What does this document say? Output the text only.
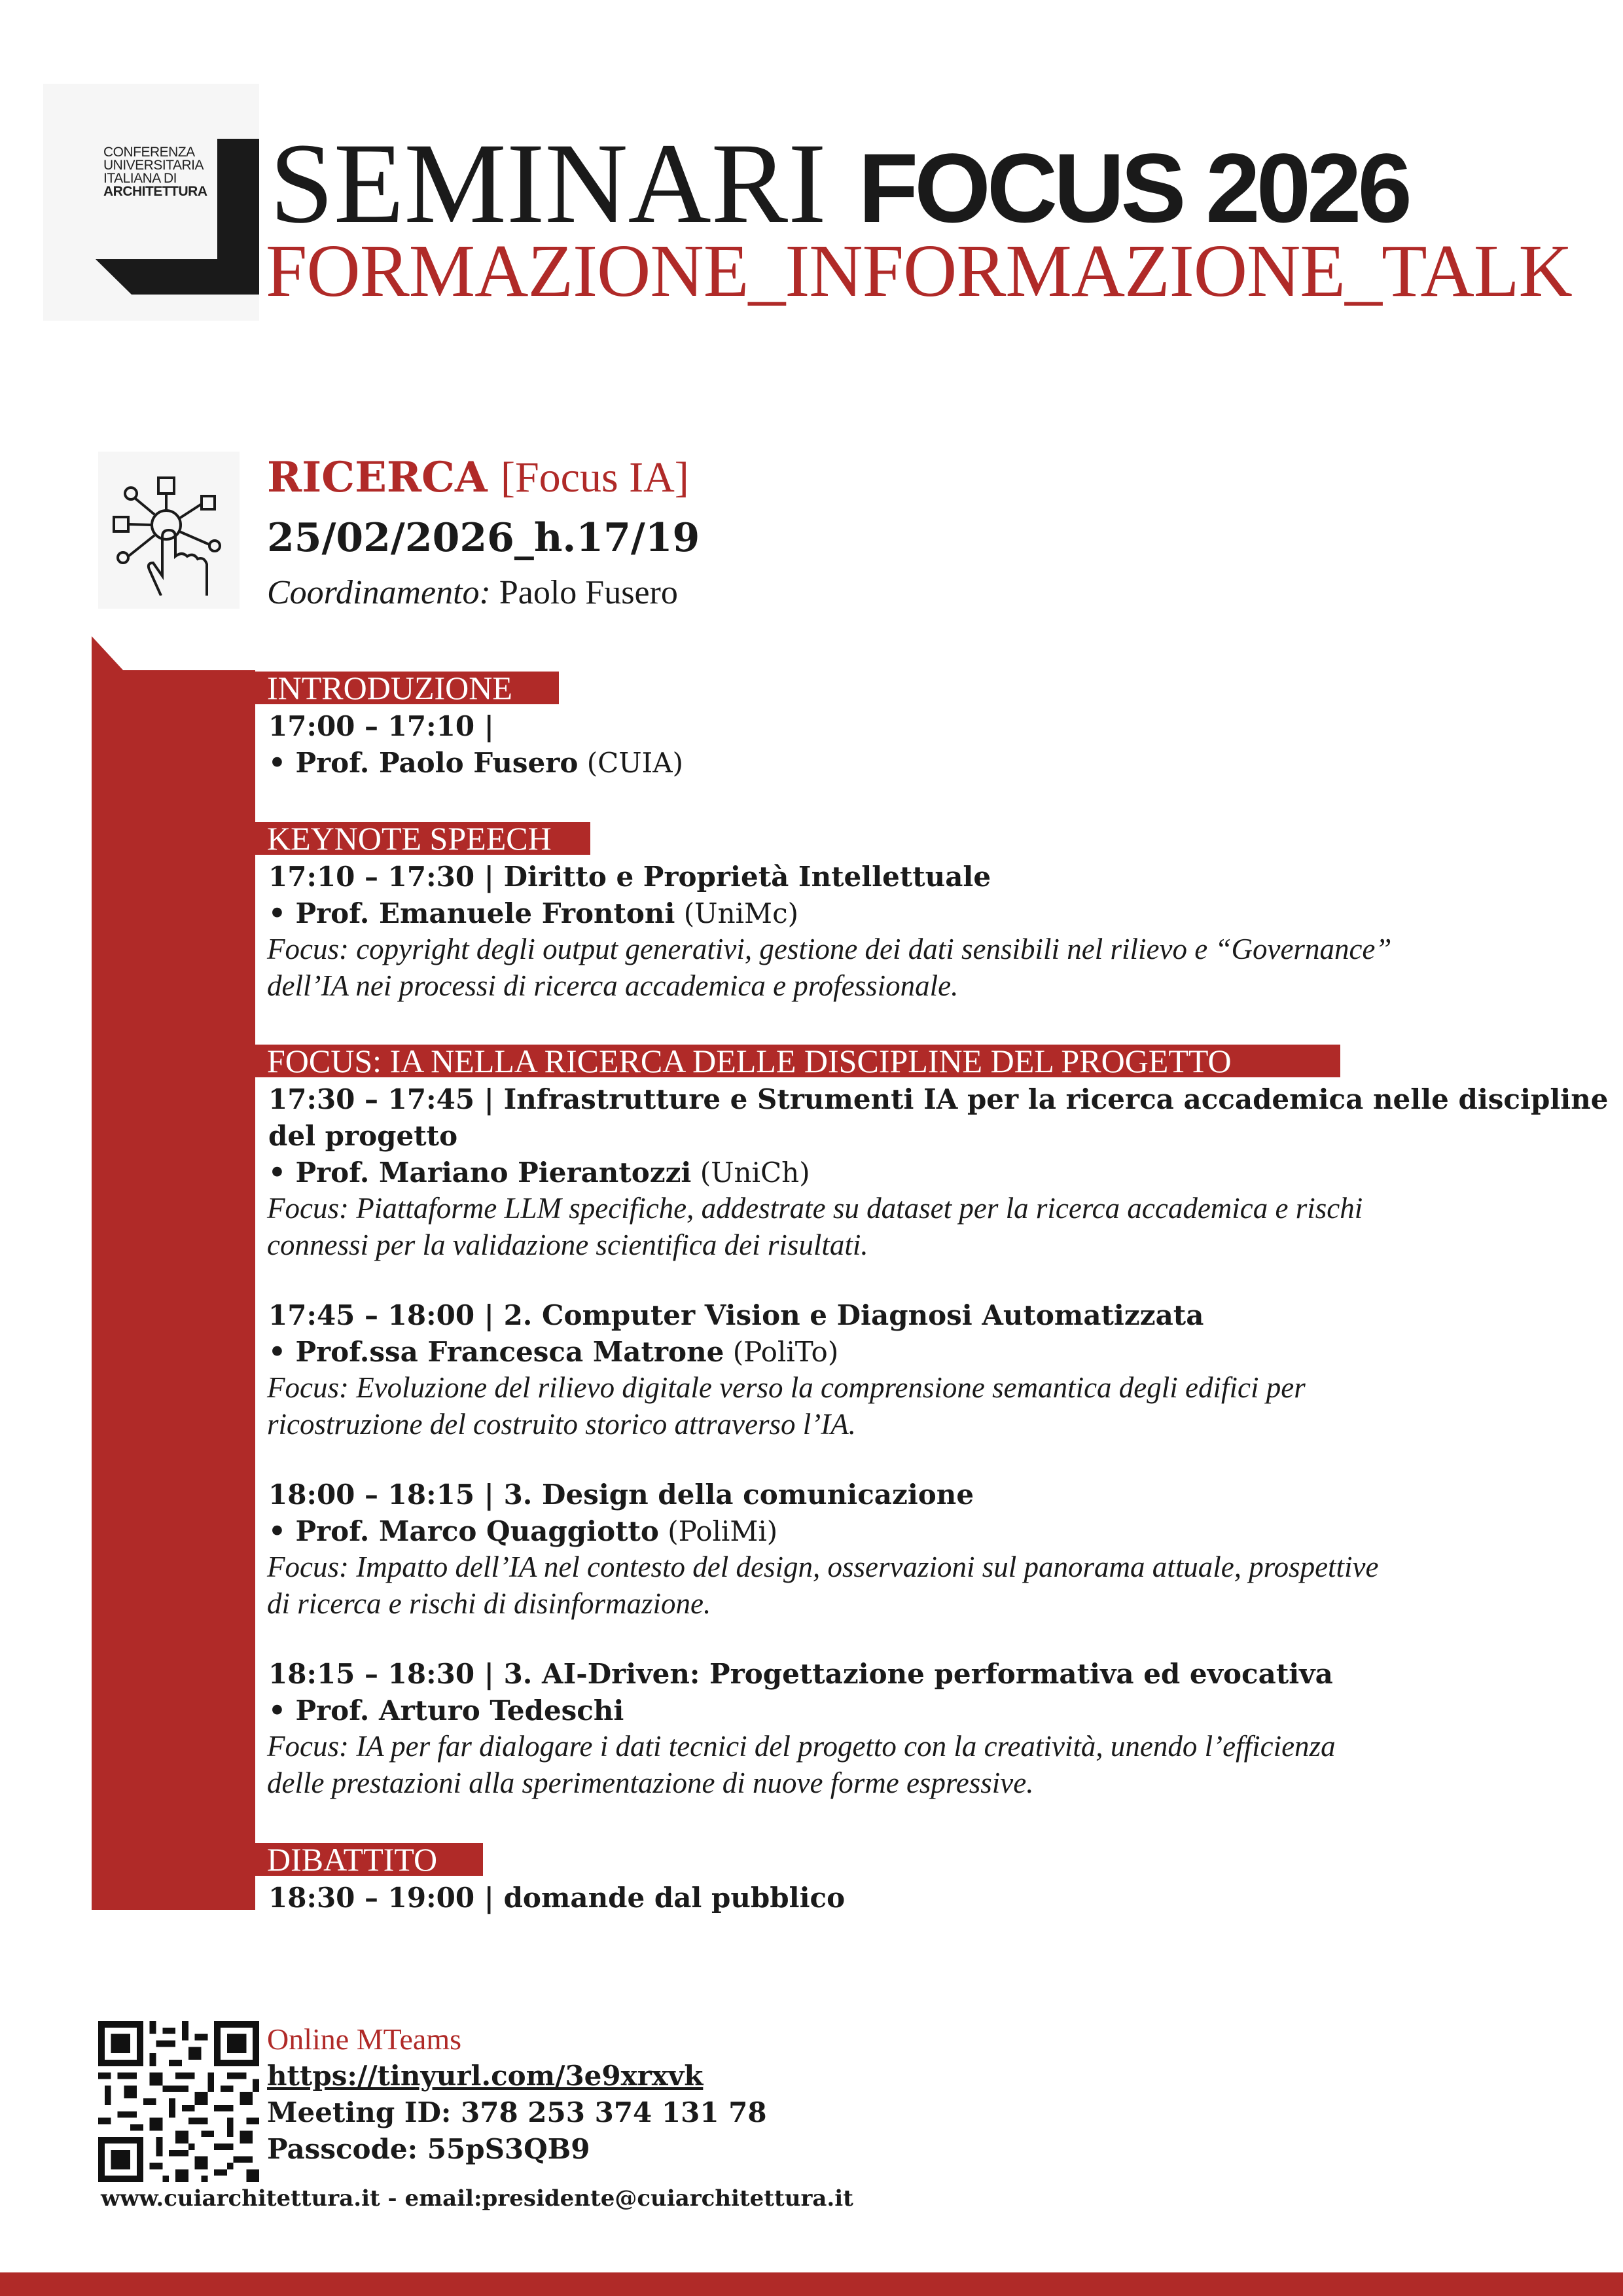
CONFERENZA
UNIVERSITARIA
ITALIANA DI
ARCHITETTURA SEMINARI FOCUS 2026
FORMAZIONE_INFORMAZIONE_TALK
RICERCA [Focus IA]
25/02/2026_h.17/19
Coordinamento: Paolo Fusero
INTRODUZIONE
17:00 – 17:10 |
• Prof. Paolo Fusero (CUIA)
KEYNOTE SPEECH
17:10 – 17:30 | Diritto e Proprietà Intellettuale
• Prof. Emanuele Frontoni (UniMc)
Focus: copyright degli output generativi, gestione dei dati sensibili nel rilievo e “Governance”
dell’IA nei processi di ricerca accademica e professionale.
FOCUS: IA NELLA RICERCA DELLE DISCIPLINE DEL PROGETTO
17:30 – 17:45 | Infrastrutture e Strumenti IA per la ricerca accademica nelle discipline
del progetto
• Prof. Mariano Pierantozzi (UniCh)
Focus: Piattaforme LLM specifiche, addestrate su dataset per la ricerca accademica e rischi
connessi per la validazione scientifica dei risultati.
17:45 – 18:00 | 2. Computer Vision e Diagnosi Automatizzata
• Prof.ssa Francesca Matrone (PoliTo)
Focus: Evoluzione del rilievo digitale verso la comprensione semantica degli edifici per
ricostruzione del costruito storico attraverso l’IA.
18:00 – 18:15 | 3. Design della comunicazione
• Prof. Marco Quaggiotto (PoliMi)
Focus: Impatto dell’IA nel contesto del design, osservazioni sul panorama attuale, prospettive
di ricerca e rischi di disinformazione.
18:15 – 18:30 | 3. AI-Driven: Progettazione performativa ed evocativa
• Prof. Arturo Tedeschi
Focus: IA per far dialogare i dati tecnici del progetto con la creatività, unendo l’efficienza
delle prestazioni alla sperimentazione di nuove forme espressive.
DIBATTITO
18:30 – 19:00 | domande dal pubblico
Online MTeams
https://tinyurl.com/3e9xrxvk
Meeting ID: 378 253 374 131 78
Passcode: 55pS3QB9
www.cuiarchitettura.it - email:presidente@cuiarchitettura.it
